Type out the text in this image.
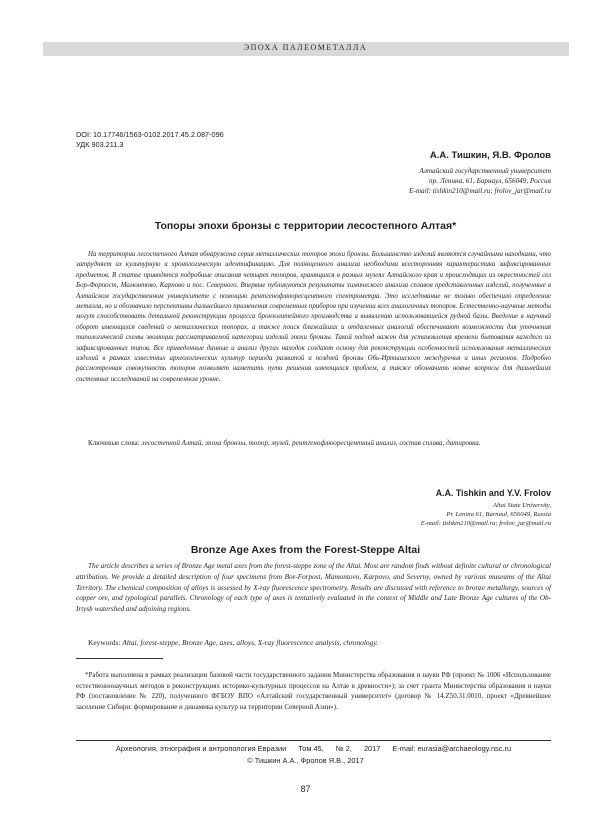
ЭПОХА ПАЛЕОМЕТАЛЛА
DOI: 10.17746/1563-0102.2017.45.2.087-096
УДК 903.211.3
А.А. Тишкин, Я.В. Фролов
Алтайский государственный университет
пр. Ленина, 61, Барнаул, 656049, Россия
E-mail: tishkin210@mail.ru; frolov_jar@mail.ru
Топоры эпохи бронзы с территории лесостепного Алтая*

На территории лесостепного Алтая обнаружена серия металлических топоров эпохи бронзы. Большинство изделий являются случайными находками, что затрудняет их культурную и хронологическую идентификацию. Для полноценного анализа необходима всесторонняя характеристика зафиксированных предметов. В статье приводятся подробные описания четырех топоров, хранящихся в разных музеях Алтайского края и происходящих из окрестностей сел Бор-Форпост, Мамонтово, Карпово и пос. Северного. Впервые публикуются результаты химического анализа сплавов представленных изделий, полученные в Алтайском государственном университете с помощью рентгенофлюоресцентного спектрометра. Это исследование не только обеспечило определение металла, но и обозначило перспективы дальнейшего применения современных приборов при изучении всех аналогичных топоров. Естественно-научные методы могут способствовать детальной реконструкции процесса бронзолитейного производства и выявлению использовавшейся рудной базы. Введение в научный оборот имеющихся сведений о металлических топорах, а также поиск ближайших и отдаленных аналогий обеспечивают возможности для уточнения типологической схемы эволюции рассматриваемой категории изделий эпохи бронзы. Такой подход важен для установления времени бытования каждого из зафиксированных типов. Все приведенные данные и анализ других находок создают основу для реконструкции особенностей использования металлических изделий в рамках известных археологических культур периода развитой и поздней бронзы Обь-Иртышского междуречья и иных регионов. Подробно рассмотренная совокупность топоров позволяет наметить пути решения имеющихся проблем, а также обозначить новые вопросы для дальнейших системных исследований на современном уровне.

Ключевые слова: лесостепной Алтай, эпоха бронзы, топор, музей, рентгенофлюоресцентный анализ, состав сплава, датировка.

A.A. Tishkin and Y.V. Frolov
Altai State University,
Pr. Lenina 61, Barnaul, 656049, Russia
E-mail: tishkin210@mail.ru; frolov_jar@mail.ru
Bronze Age Axes from the Forest-Steppe Altai

The article describes a series of Bronze Age metal axes from the forest-steppe zone of the Altai. Most are random finds without definite cultural or chronological attribution. We provide a detailed description of four specimens from Bor-Forpost, Mamontovo, Karpovo, and Severny, owned by various museums of the Altai Territory. The chemical composition of alloys is assessed by X-ray fluorescence spectrometry. Results are discussed with reference to bronze metallurgy, sources of copper ore, and typological parallels. Chronology of each type of axes is tentatively evaluated in the context of Middle and Late Bronze Age cultures of the Ob-Irtysh watershed and adjoining regions.

Keywords: Altai, forest-steppe, Bronze Age, axes, alloys, X-ray fluorescence analysis, chronology.

*Работа выполнена в рамках реализации базовой части государственного задания Министерства образования и науки РФ (проект № 1006 «Использование естественнонаучных методов в реконструкциях историко-культурных процессов на Алтае в древности»); за счет гранта Министерства образования и науки РФ (постановление № 220), полученного ФГБОУ ВПО «Алтайский государственный университет» (договор № 14.Z50.31.0010, проект «Древнейшее заселение Сибири: формирование и динамика культур на территории Северной Азии»).

Археология, этнография и антропология Евразии Том 45, № 2, 2017 E-mail: eurasia@archaeology.nsc.ru
© Тишкин А.А., Фролов Я.В., 2017
87
